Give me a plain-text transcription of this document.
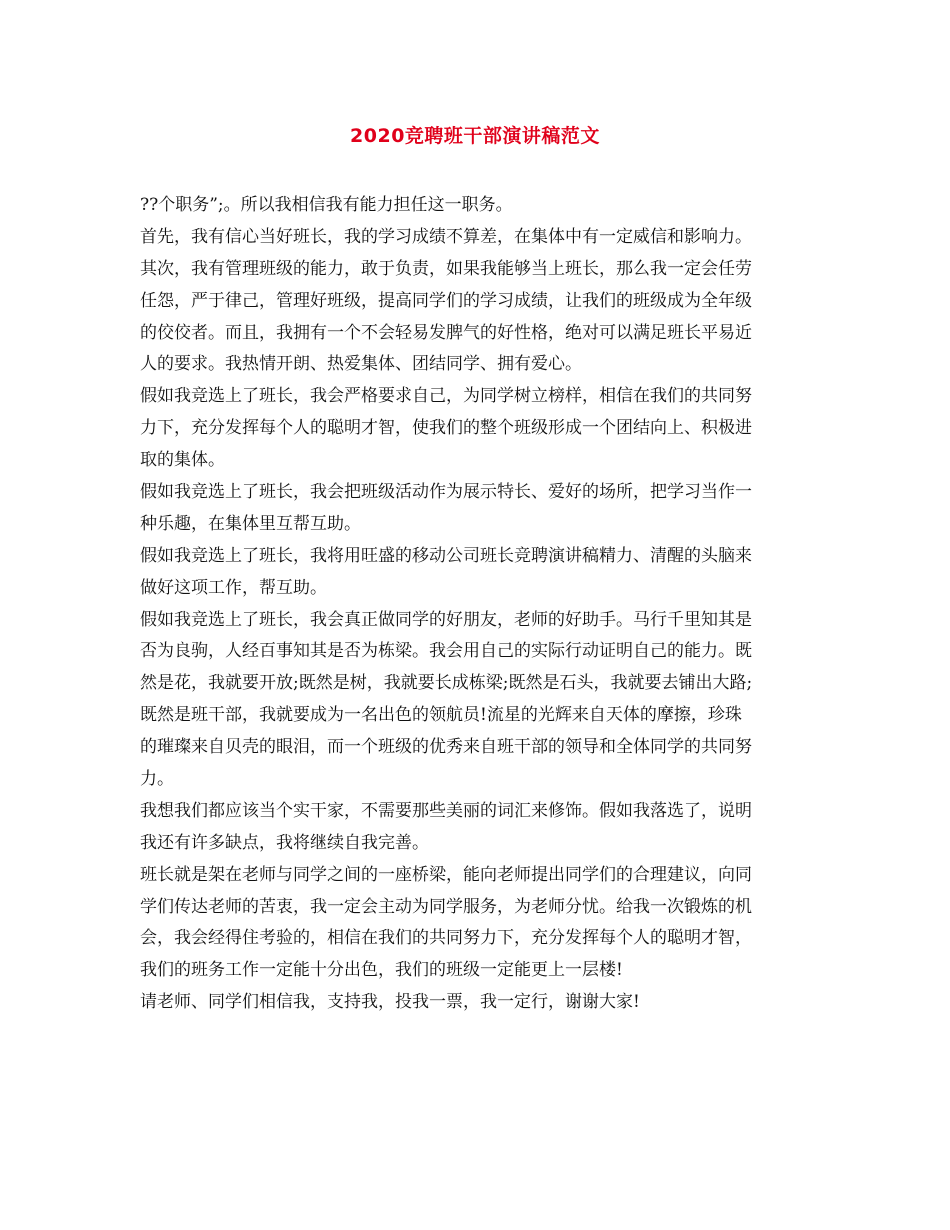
2020竞聘班干部演讲稿范文
??个职务”;。所以我相信我有能力担任这一职务。
首先，我有信心当好班长，我的学习成绩不算差，在集体中有一定威信和影响力。
其次，我有管理班级的能力，敢于负责，如果我能够当上班长，那么我一定会任劳
任怨，严于律己，管理好班级，提高同学们的学习成绩，让我们的班级成为全年级
的佼佼者。而且，我拥有一个不会轻易发脾气的好性格，绝对可以满足班长平易近
人的要求。我热情开朗、热爱集体、团结同学、拥有爱心。
假如我竞选上了班长，我会严格要求自己，为同学树立榜样，相信在我们的共同努
力下，充分发挥每个人的聪明才智，使我们的整个班级形成一个团结向上、积极进
取的集体。
假如我竞选上了班长，我会把班级活动作为展示特长、爱好的场所，把学习当作一
种乐趣，在集体里互帮互助。
假如我竞选上了班长，我将用旺盛的移动公司班长竞聘演讲稿精力、清醒的头脑来
做好这项工作，帮互助。
假如我竞选上了班长，我会真正做同学的好朋友，老师的好助手。马行千里知其是
否为良驹，人经百事知其是否为栋梁。我会用自己的实际行动证明自己的能力。既
然是花，我就要开放;既然是树，我就要长成栋梁;既然是石头，我就要去铺出大路;
既然是班干部，我就要成为一名出色的领航员!流星的光辉来自天体的摩擦，珍珠
的璀璨来自贝壳的眼泪，而一个班级的优秀来自班干部的领导和全体同学的共同努
力。
我想我们都应该当个实干家，不需要那些美丽的词汇来修饰。假如我落选了，说明
我还有许多缺点，我将继续自我完善。
班长就是架在老师与同学之间的一座桥梁，能向老师提出同学们的合理建议，向同
学们传达老师的苦衷，我一定会主动为同学服务，为老师分忧。给我一次锻炼的机
会，我会经得住考验的，相信在我们的共同努力下，充分发挥每个人的聪明才智，
我们的班务工作一定能十分出色，我们的班级一定能更上一层楼!
请老师、同学们相信我，支持我，投我一票，我一定行，谢谢大家!
